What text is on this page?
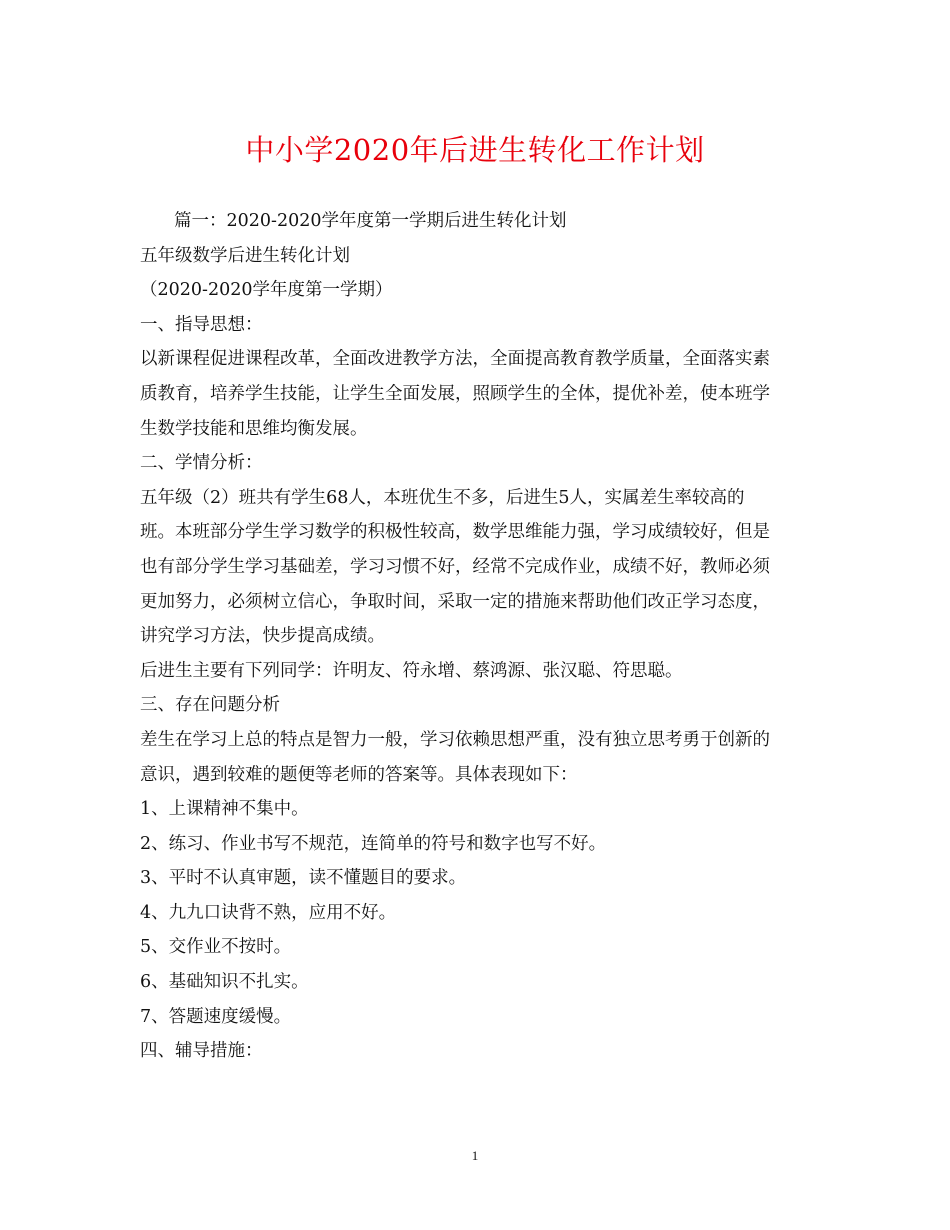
中小学2020年后进生转化工作计划
篇一：2020-2020学年度第一学期后进生转化计划
五年级数学后进生转化计划
（2020-2020学年度第一学期）
一、指导思想：
以新课程促进课程改革，全面改进教学方法，全面提高教育教学质量，全面落实素
质教育，培养学生技能，让学生全面发展，照顾学生的全体，提优补差，使本班学
生数学技能和思维均衡发展。
二、学情分析：
五年级（2）班共有学生68人，本班优生不多，后进生5人，实属差生率较高的
班。本班部分学生学习数学的积极性较高，数学思维能力强，学习成绩较好，但是
也有部分学生学习基础差，学习习惯不好，经常不完成作业，成绩不好，教师必须
更加努力，必须树立信心，争取时间，采取一定的措施来帮助他们改正学习态度，
讲究学习方法，快步提高成绩。
后进生主要有下列同学：许明友、符永增、蔡鸿源、张汉聪、符思聪。
三、存在问题分析
差生在学习上总的特点是智力一般，学习依赖思想严重，没有独立思考勇于创新的
意识，遇到较难的题便等老师的答案等。具体表现如下：
1、上课精神不集中。
2、练习、作业书写不规范，连简单的符号和数字也写不好。
3、平时不认真审题，读不懂题目的要求。
4、九九口诀背不熟，应用不好。
5、交作业不按时。
6、基础知识不扎实。
7、答题速度缓慢。
四、辅导措施：
1
